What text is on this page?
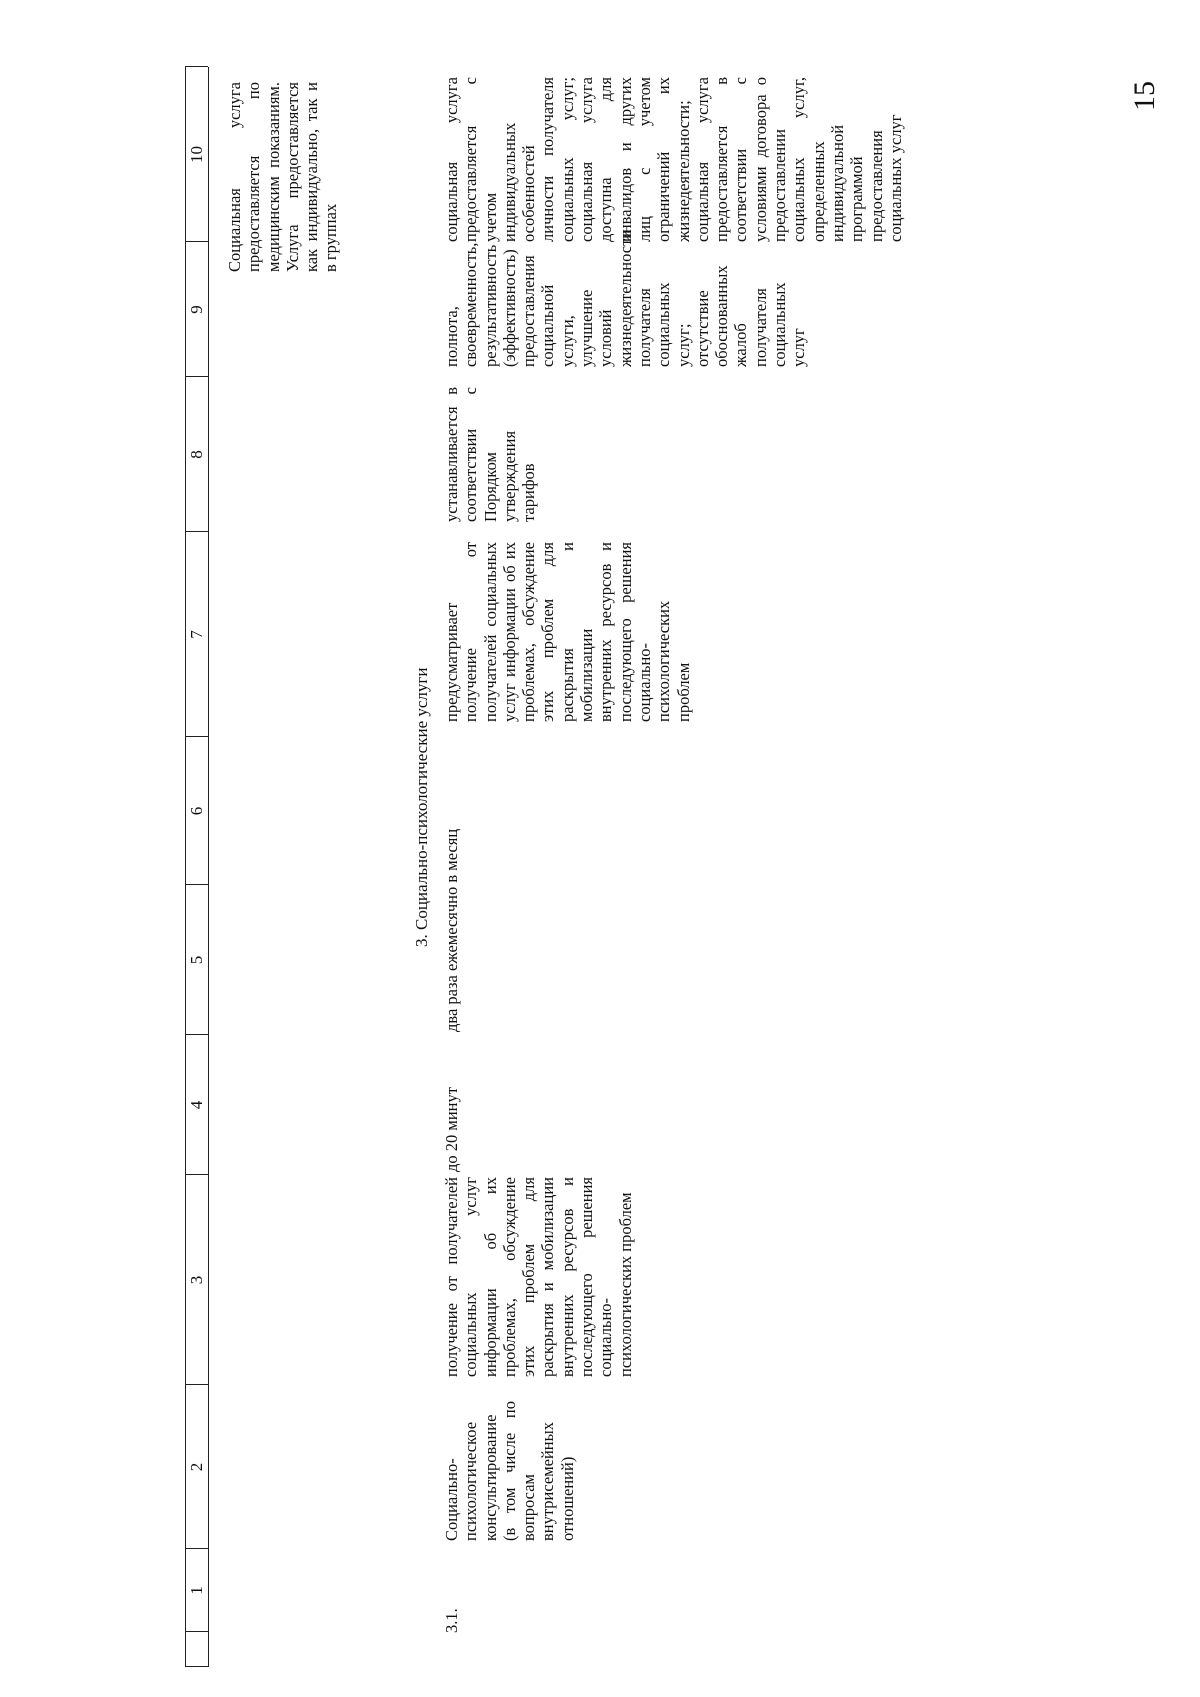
15
1
2
3
4
5
6
7
8
9
10 Социальная услуга предоставляется по медицинским показаниям. Услуга предоставляется как индивидуально, так и в группах
3. Социально-психологические услуги
3.1.
Социально-психологическое консультирование (в том числе по вопросам внутрисемейных отношений)
получение от получателей социальных услуг информации об их проблемах, обсуждение этих проблем для раскрытия и мобилизации внутренних ресурсов и последующего решения социально-психологических проблем
до 20 минут
два раза ежемесячно в месяц
предусматривает получение от получателей социальных услуг информации об их проблемах, обсуждение этих проблем для раскрытия и мобилизации внутренних ресурсов и последующего решения социально-психологических проблем
устанавливается в соответствии с Порядком утверждения тарифов
полнота, своевременность, результативность (эффективность) предоставления социальной услуги, улучшение условий жизнедеятельности получателя социальных услуг; отсутствие обоснованных жалоб получателя социальных услуг
социальная услуга предоставляется с учетом индивидуальных особенностей личности получателя социальных услуг; социальная услуга доступна для инвалидов и других лиц с учетом ограничений их жизнедеятельности; социальная услуга предоставляется в соответствии с условиями договора о предоставлении социальных услуг, определенных индивидуальной программой предоставления социальных услуг
